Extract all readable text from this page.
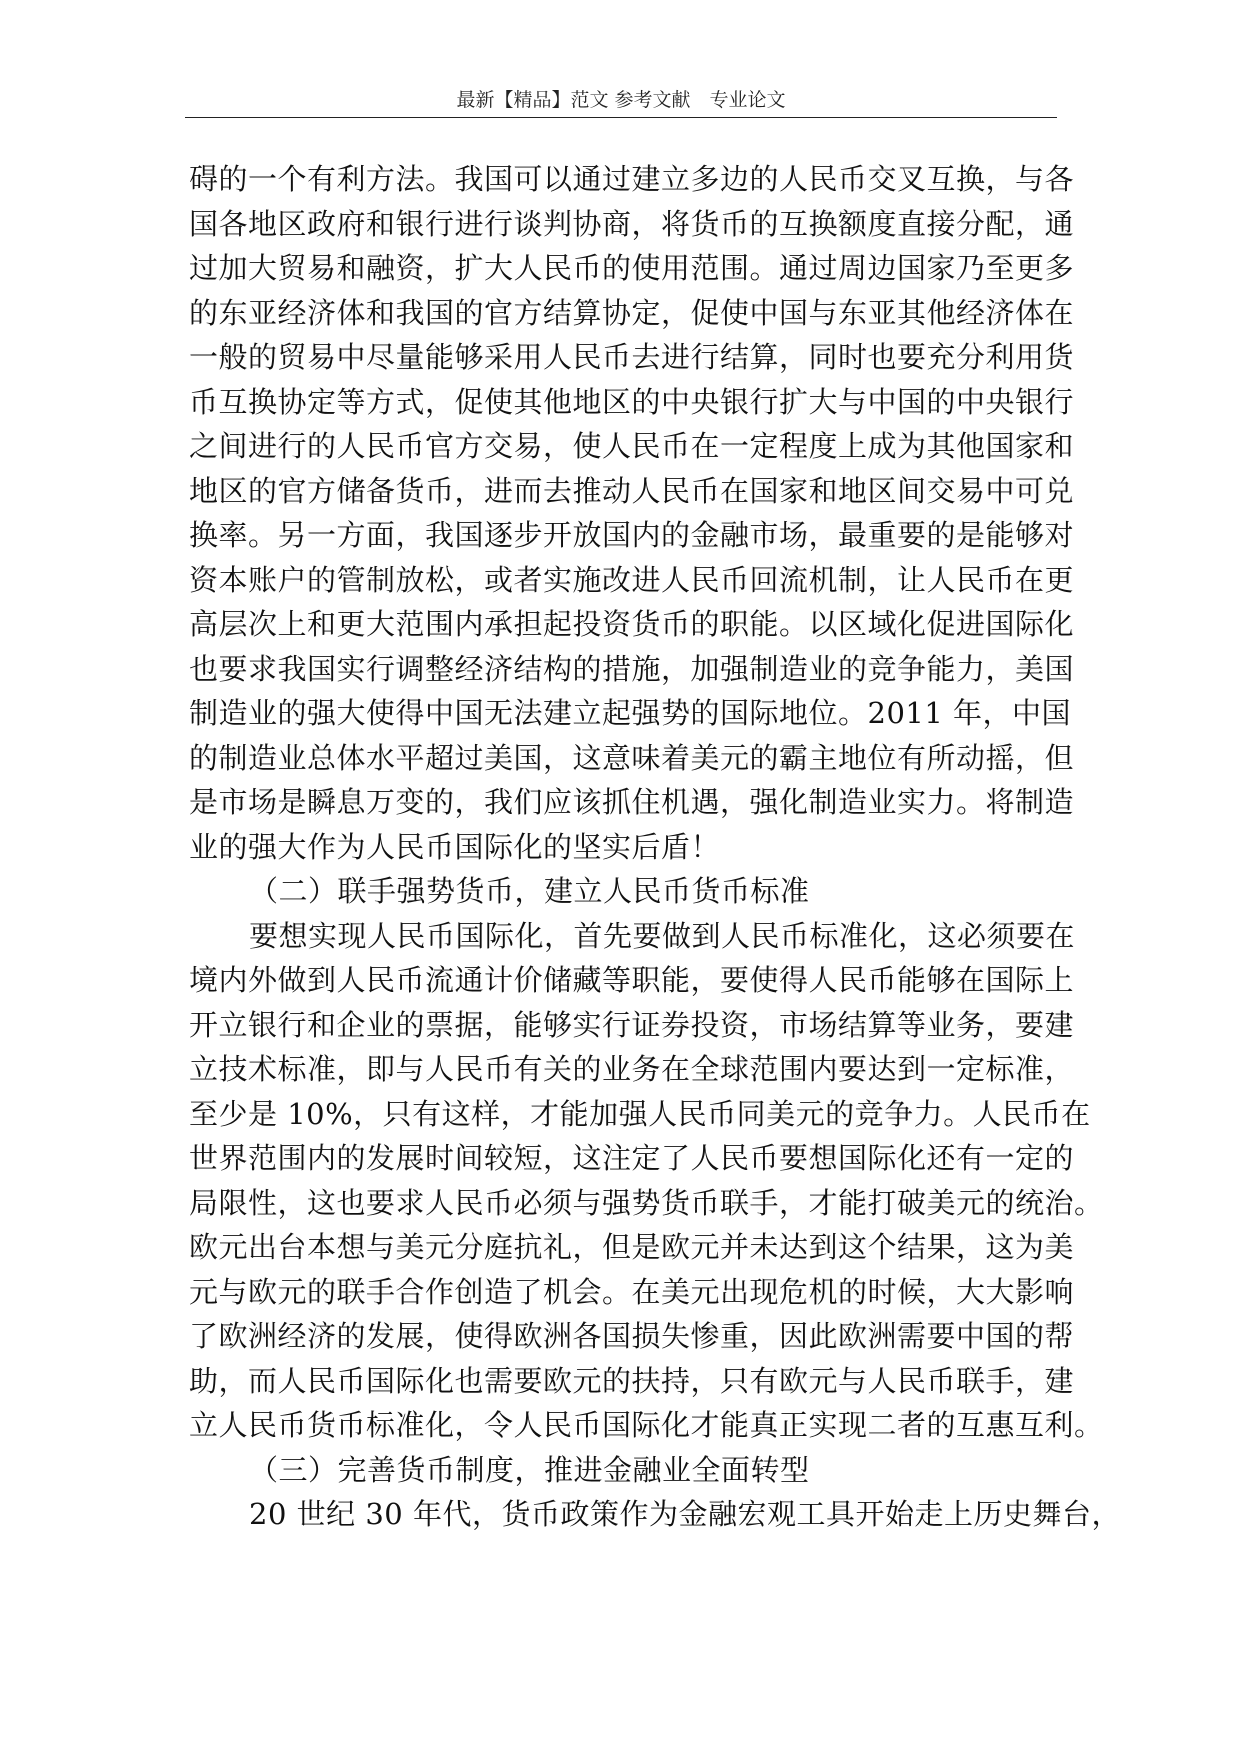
最新【精品】范文 参考文献　专业论文
碍的一个有利方法。我国可以通过建立多边的人民币交叉互换，与各
国各地区政府和银行进行谈判协商，将货币的互换额度直接分配，通
过加大贸易和融资，扩大人民币的使用范围。通过周边国家乃至更多
的东亚经济体和我国的官方结算协定，促使中国与东亚其他经济体在
一般的贸易中尽量能够采用人民币去进行结算，同时也要充分利用货
币互换协定等方式，促使其他地区的中央银行扩大与中国的中央银行
之间进行的人民币官方交易，使人民币在一定程度上成为其他国家和
地区的官方储备货币，进而去推动人民币在国家和地区间交易中可兑
换率。另一方面，我国逐步开放国内的金融市场，最重要的是能够对
资本账户的管制放松，或者实施改进人民币回流机制，让人民币在更
高层次上和更大范围内承担起投资货币的职能。以区域化促进国际化
也要求我国实行调整经济结构的措施，加强制造业的竞争能力，美国
制造业的强大使得中国无法建立起强势的国际地位。2011 年，中国
的制造业总体水平超过美国，这意味着美元的霸主地位有所动摇，但
是市场是瞬息万变的，我们应该抓住机遇，强化制造业实力。将制造
业的强大作为人民币国际化的坚实后盾！
（二）联手强势货币，建立人民币货币标准
要想实现人民币国际化，首先要做到人民币标准化，这必须要在
境内外做到人民币流通计价储藏等职能，要使得人民币能够在国际上
开立银行和企业的票据，能够实行证券投资，市场结算等业务，要建
立技术标准，即与人民币有关的业务在全球范围内要达到一定标准，
至少是 10%，只有这样，才能加强人民币同美元的竞争力。人民币在
世界范围内的发展时间较短，这注定了人民币要想国际化还有一定的
局限性，这也要求人民币必须与强势货币联手，才能打破美元的统治。
欧元出台本想与美元分庭抗礼，但是欧元并未达到这个结果，这为美
元与欧元的联手合作创造了机会。在美元出现危机的时候，大大影响
了欧洲经济的发展，使得欧洲各国损失惨重，因此欧洲需要中国的帮
助，而人民币国际化也需要欧元的扶持，只有欧元与人民币联手，建
立人民币货币标准化，令人民币国际化才能真正实现二者的互惠互利。
（三）完善货币制度，推进金融业全面转型
20 世纪 30 年代，货币政策作为金融宏观工具开始走上历史舞台，
